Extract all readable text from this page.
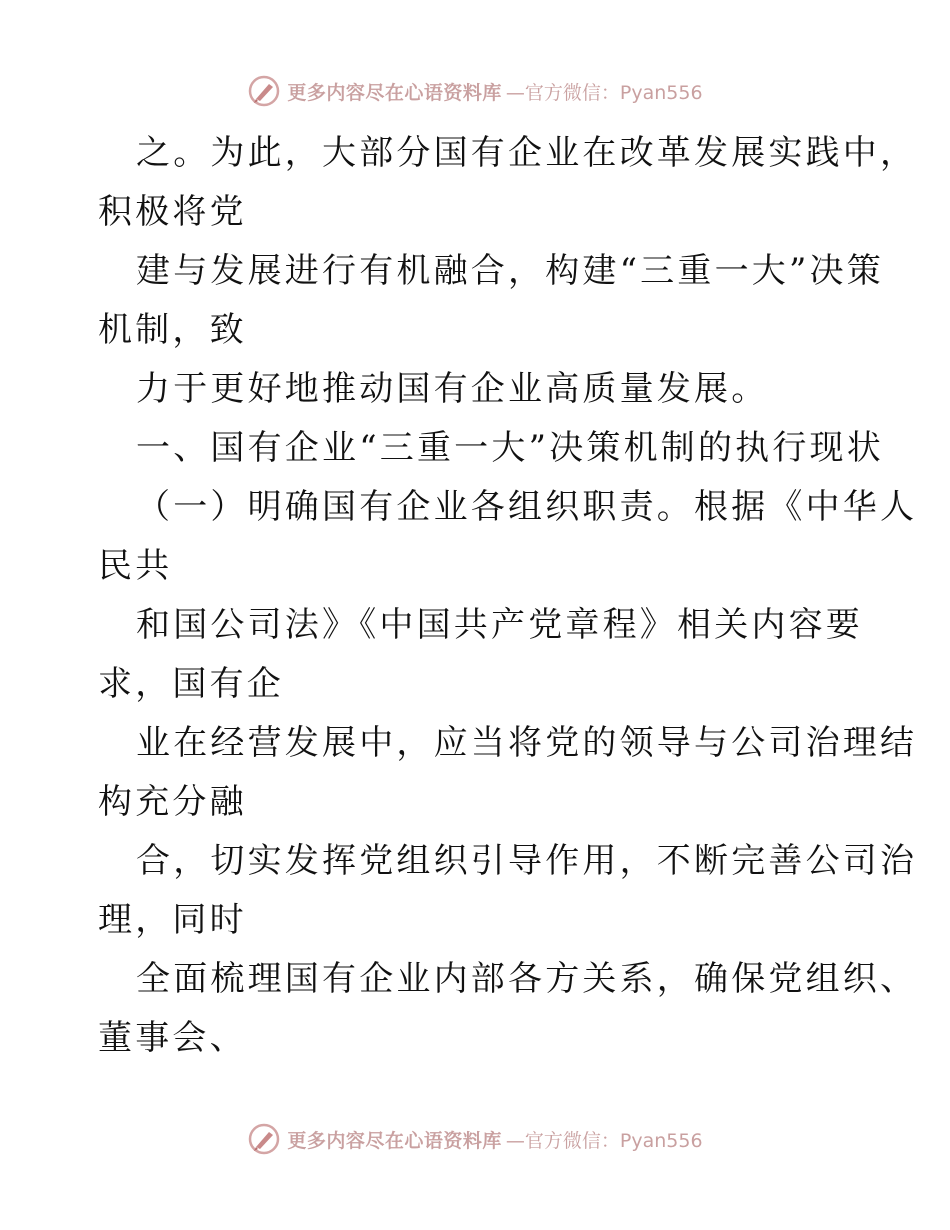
更多内容尽在心语资料库 —官方微信：Pyan556
之。为此，大部分国有企业在改革发展实践中，
积极将党
建与发展进行有机融合，构建“三重一大”决策
机制，致
力于更好地推动国有企业高质量发展。
一、国有企业“三重一大”决策机制的执行现状
（一）明确国有企业各组织职责。根据《中华人
民共
和国公司法》《中国共产党章程》相关内容要
求，国有企
业在经营发展中，应当将党的领导与公司治理结
构充分融
合，切实发挥党组织引导作用，不断完善公司治
理，同时
全面梳理国有企业内部各方关系，确保党组织、
董事会、
更多内容尽在心语资料库 —官方微信：Pyan556
